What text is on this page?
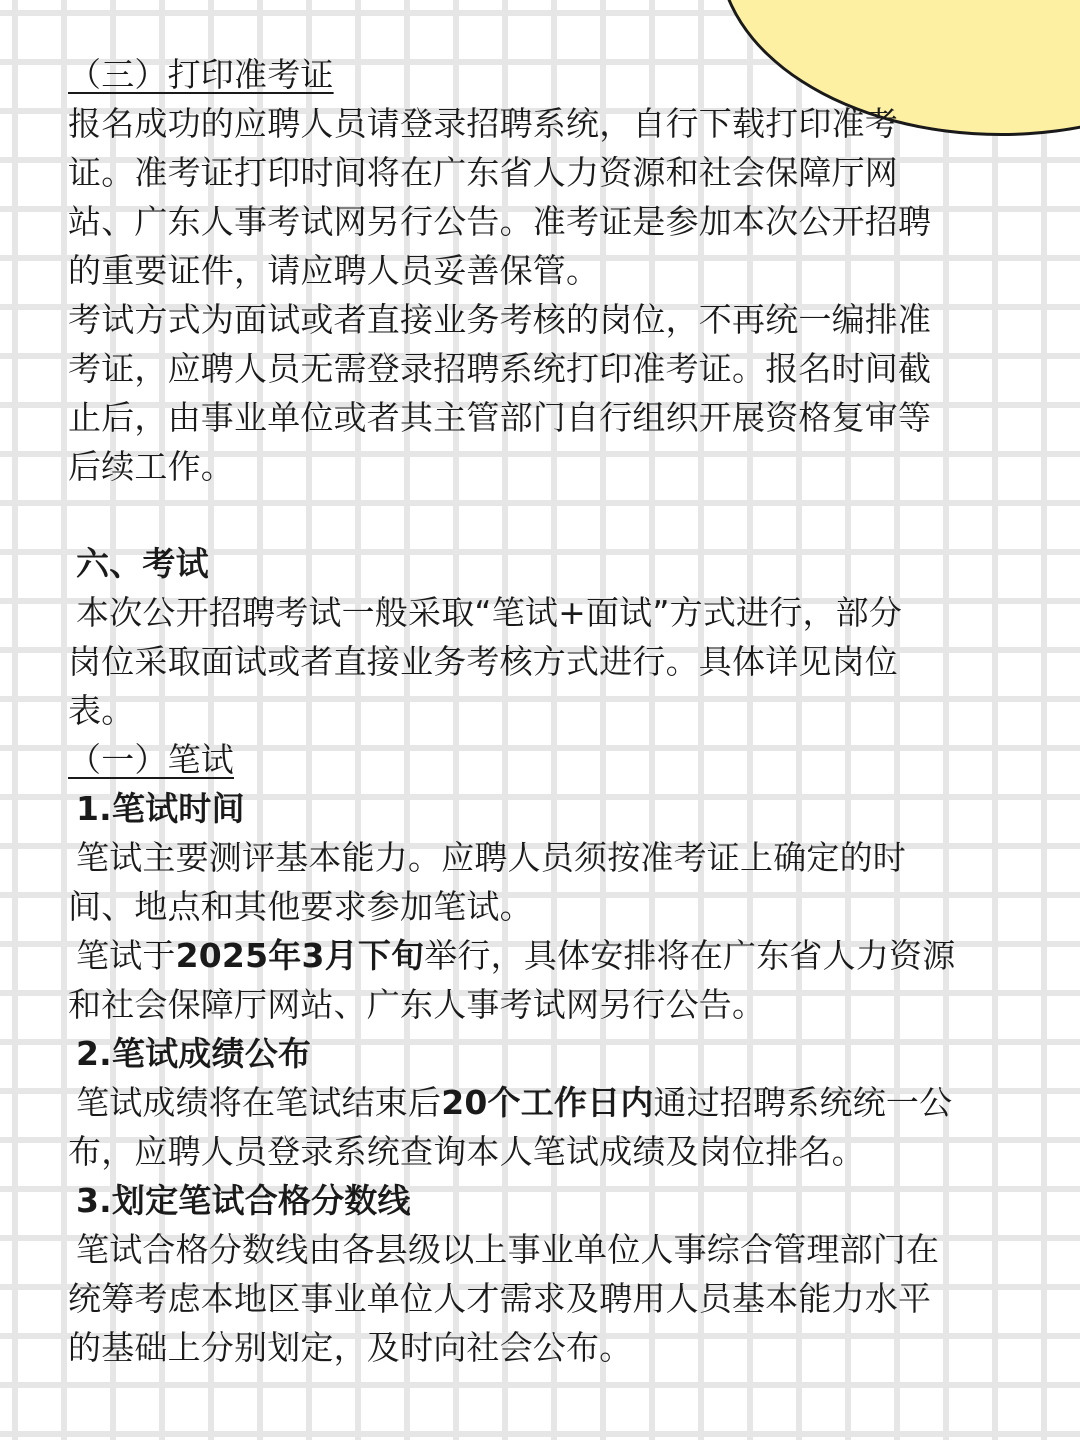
（三）打印准考证
报名成功的应聘人员请登录招聘系统，自行下载打印准考
证。准考证打印时间将在广东省人力资源和社会保障厅网
站、广东人事考试网另行公告。准考证是参加本次公开招聘
的重要证件，请应聘人员妥善保管。
考试方式为面试或者直接业务考核的岗位，不再统一编排准
考证，应聘人员无需登录招聘系统打印准考证。报名时间截
止后，由事业单位或者其主管部门自行组织开展资格复审等
后续工作。
六、考试
本次公开招聘考试一般采取“笔试+面试”方式进行，部分
岗位采取面试或者直接业务考核方式进行。具体详见岗位
表。
（一）笔试
1.笔试时间
笔试主要测评基本能力。应聘人员须按准考证上确定的时
间、地点和其他要求参加笔试。
笔试于2025年3月下旬举行，具体安排将在广东省人力资源
和社会保障厅网站、广东人事考试网另行公告。
2.笔试成绩公布
笔试成绩将在笔试结束后20个工作日内通过招聘系统统一公
布，应聘人员登录系统查询本人笔试成绩及岗位排名。
3.划定笔试合格分数线
笔试合格分数线由各县级以上事业单位人事综合管理部门在
统筹考虑本地区事业单位人才需求及聘用人员基本能力水平
的基础上分别划定，及时向社会公布。
